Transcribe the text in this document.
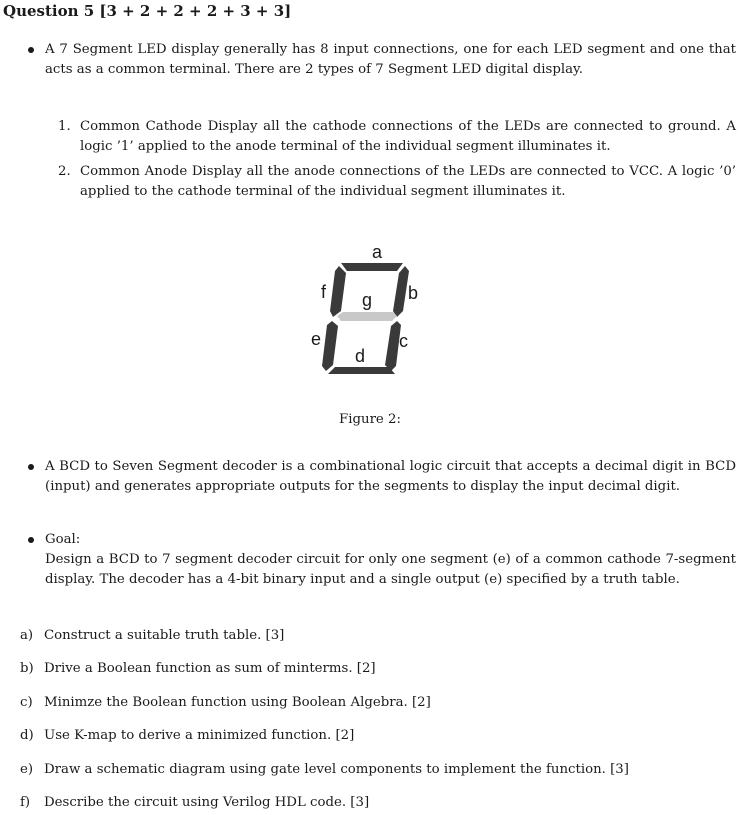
Question 5 [3 + 2 + 2 + 2 + 3 + 3]
A 7 Segment LED display generally has 8 input connections, one for each LED segment and one that acts as a common terminal. There are 2 types of 7 Segment LED digital display.
1. Common Cathode Display all the cathode connections of the LEDs are connected to ground. A logic ’1’ applied to the anode terminal of the individual segment illuminates it.
2. Common Anode Display all the anode connections of the LEDs are connected to VCC. A logic ’0’ applied to the cathode terminal of the individual segment illuminates it.
a
b
c
d
e
f g
Figure 2:
A BCD to Seven Segment decoder is a combinational logic circuit that accepts a decimal digit in BCD (input) and generates appropriate outputs for the segments to display the input decimal digit.
Goal:
Design a BCD to 7 segment decoder circuit for only one segment (e) of a common cathode 7-segment display. The decoder has a 4-bit binary input and a single output (e) specified by a truth table.
a) Construct a suitable truth table. [3]
b) Drive a Boolean function as sum of minterms. [2]
c) Minimze the Boolean function using Boolean Algebra. [2]
d) Use K-map to derive a minimized function. [2]
e) Draw a schematic diagram using gate level components to implement the function. [3]
f) Describe the circuit using Verilog HDL code. [3]
